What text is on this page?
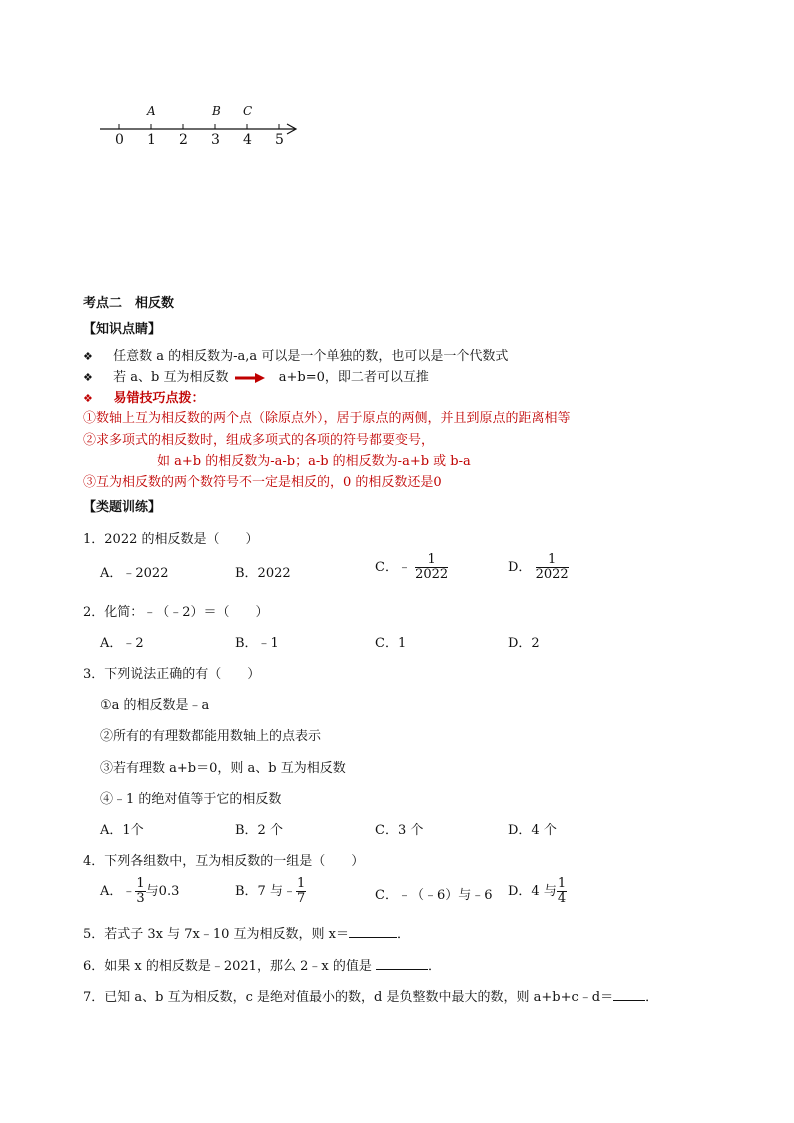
A	B C
0 1 2 3 4 5
考点二　相反数
【知识点睛】
❖ 任意数 a 的相反数为-a,a 可以是一个单独的数，也可以是一个代数式
❖ 若 a、b 互为相反数	a+b=0，即二者可以互推
❖ 易错技巧点拨：
①数轴上互为相反数的两个点（除原点外），居于原点的两侧，并且到原点的距离相等
②求多项式的相反数时，组成多项式的各项的符号都要变号，
如 a+b 的相反数为-a-b；a-b 的相反数为-a+b 或 b-a
③互为相反数的两个数符号不一定是相反的，0 的相反数还是0
【类题训练】
1．2022 的相反数是（　　）
A．﹣2022	B．2022	C．﹣ $\frac{1}{2022}$	D． $\frac{1}{2022}$
2．化简：﹣（﹣2）＝（　　）
A．﹣2	B．﹣1	C．1	D．2
3．下列说法正确的有（　　）
①a 的相反数是﹣a
②所有的有理数都能用数轴上的点表示
③若有理数 a+b＝0，则 a、b 互为相反数
④﹣1 的绝对值等于它的相反数
A．1个	B．2 个	C．3 个	D．4 个
4．下列各组数中，互为相反数的一组是（　　）
A．﹣ $\frac{1}{3}$ 与0.3	B．7 与﹣ $\frac{1}{7}$	C．﹣（﹣6）与﹣6 D．4 与 $\frac{1}{4}$
5．若式子 3x 与 7x﹣10 互为相反数，则 x＝	．
6．如果 x 的相反数是﹣2021，那么 2﹣x 的值是	．
7．已知 a、b 互为相反数，c 是绝对值最小的数，d 是负整数中最大的数，则 a+b+c﹣d＝ ．
